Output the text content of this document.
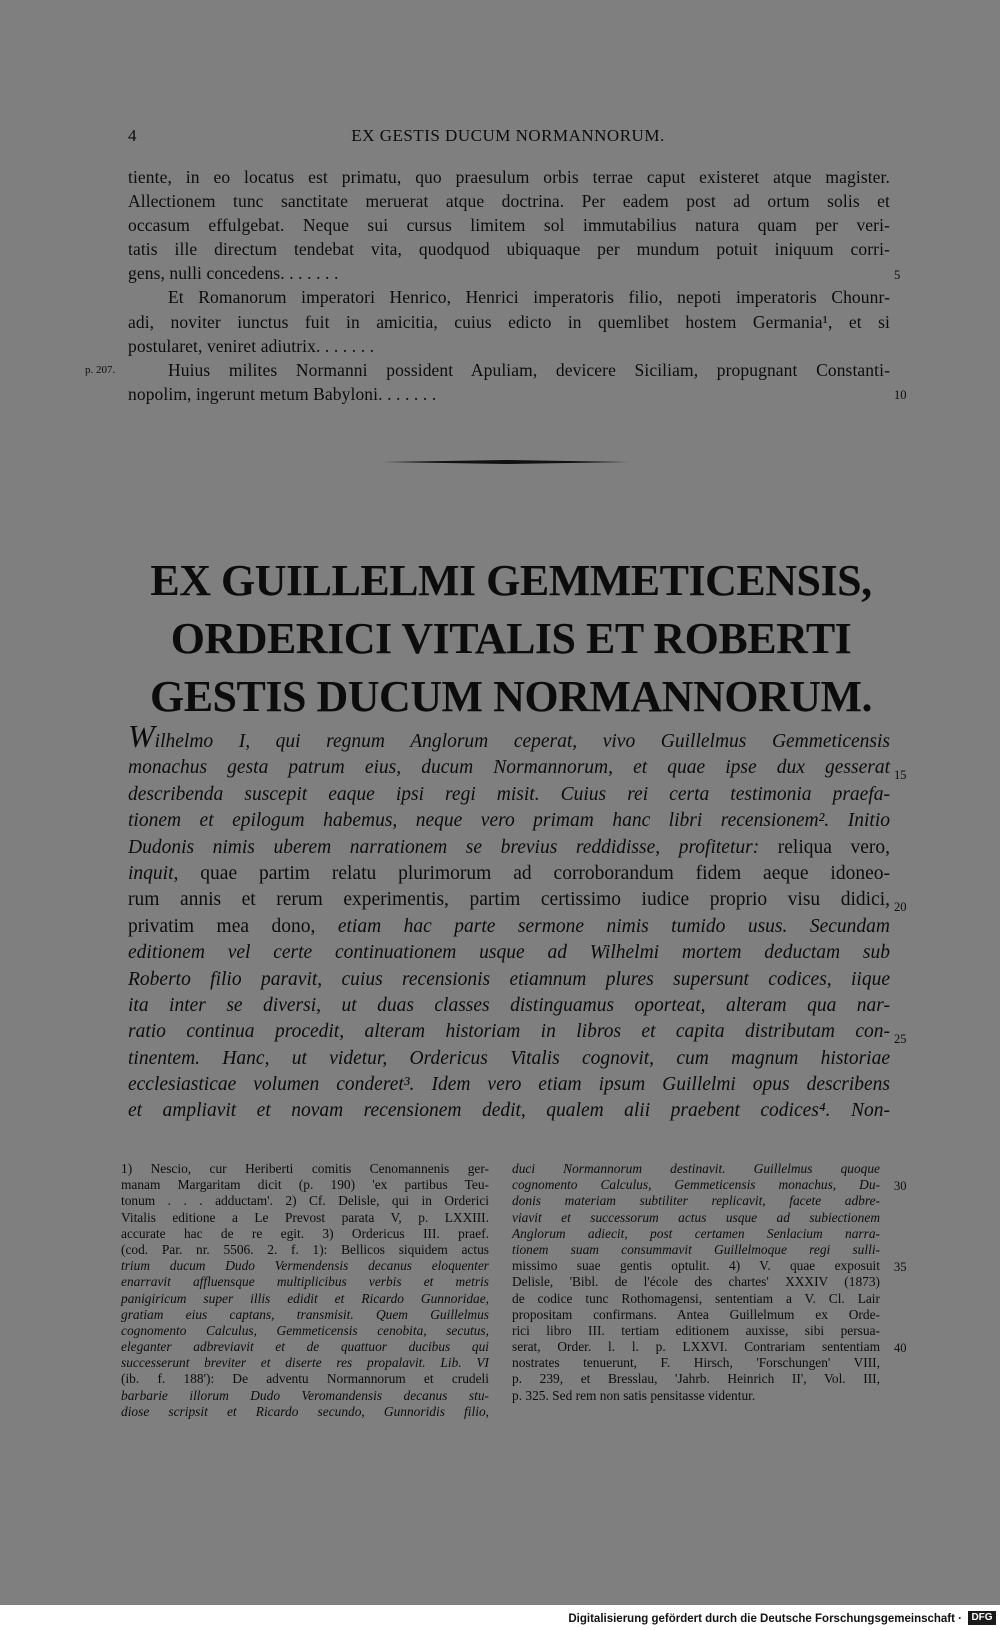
4	EX GESTIS DUCUM NORMANNORUM.
tiente, in eo locatus est primatu, quo praesulum orbis terrae caput existeret atque magister.
Allectionem tunc sanctitate meruerat atque doctrina. Per eadem post ad ortum solis et
occasum effulgebat. Neque sui cursus limitem sol immutabilius natura quam per veri-
tatis ille directum tendebat vita, quodquod ubiquaque per mundum potuit iniquum corri-
gens, nulli concedens. . . . . . .
Et Romanorum imperatori Henrico, Henrici imperatoris filio, nepoti imperatoris Chounr-
adi, noviter iunctus fuit in amicitia, cuius edicto in quemlibet hostem Germania¹, et si
postularet, veniret adiutrix. . . . . . .
Huius milites Normanni possident Apuliam, devicere Siciliam, propugnant Constanti-
nopolim, ingerunt metum Babyloni. . . . . . .
p. 207.
5
10
EX GUILLELMI GEMMETICENSIS,
ORDERICI VITALIS ET ROBERTI
GESTIS DUCUM NORMANNORUM.
Wilhelmo I, qui regnum Anglorum ceperat, vivo Guillelmus Gemmeticensis
monachus gesta patrum eius, ducum Normannorum, et quae ipse dux gesserat
describenda suscepit eaque ipsi regi misit. Cuius rei certa testimonia praefa-
tionem et epilogum habemus, neque vero primam hanc libri recensionem². Initio
Dudonis nimis uberem narrationem se brevius reddidisse, profitetur: reliqua vero,
inquit, quae partim relatu plurimorum ad corroborandum fidem aeque idoneo-
rum annis et rerum experimentis, partim certissimo iudice proprio visu didici,
privatim mea dono, etiam hac parte sermone nimis tumido usus. Secundam
editionem vel certe continuationem usque ad Wilhelmi mortem deductam sub
Roberto filio paravit, cuius recensionis etiamnum plures supersunt codices, iique
ita inter se diversi, ut duas classes distinguamus oporteat, alteram qua nar-
ratio continua procedit, alteram historiam in libros et capita distributam con-
tinentem. Hanc, ut videtur, Ordericus Vitalis cognovit, cum magnum historiae
ecclesiasticae volumen conderet³. Idem vero etiam ipsum Guillelmi opus describens
et ampliavit et novam recensionem dedit, qualem alii praebent codices⁴. Non-
15
20
25
1) Nescio, cur Heriberti comitis Cenomannenis ger-
manam Margaritam dicit (p. 190) 'ex partibus Teu-
tonum . . . adductam'. 2) Cf. Delisle, qui in Orderici
Vitalis editione a Le Prevost parata V, p. LXXIII.
accurate hac de re egit. 3) Ordericus III. praef.
(cod. Par. nr. 5506. 2. f. 1): Bellicos siquidem actus
trium ducum Dudo Vermendensis decanus eloquenter
enarravit affluensque multiplicibus verbis et metris
panigiricum super illis edidit et Ricardo Gunnoridae,
gratiam eius captans, transmisit. Quem Guillelmus
cognomento Calculus, Gemmeticensis cenobita, secutus,
eleganter adbreviavit et de quattuor ducibus qui
successerunt breviter et diserte res propalavit. Lib. VI
(ib. f. 188'): De adventu Normannorum et crudeli
barbarie illorum Dudo Veromandensis decanus stu-
diose scripsit et Ricardo secundo, Gunnoridis filio,
duci Normannorum destinavit. Guillelmus quoque
cognomento Calculus, Gemmeticensis monachus, Du-
donis materiam subtiliter replicavit, facete adbre-
viavit et successorum actus usque ad subiectionem
Anglorum adiecit, post certamen Senlacium narra-
tionem suam consummavit Guillelmoque regi sulli-
missimo suae gentis optulit. 4) V. quae exposuit
Delisle, 'Bibl. de l'école des chartes' XXXIV (1873)
de codice tunc Rothomagensi, sententiam a V. Cl. Lair
propositam confirmans. Antea Guillelmum ex Orde-
rici libro III. tertiam editionem auxisse, sibi persua-
serat, Order. l. l. p. LXXVI. Contrariam sententiam
nostrates tenuerunt, F. Hirsch, 'Forschungen' VIII,
p. 239, et Bresslau, 'Jahrb. Heinrich II', Vol. III,
p. 325. Sed rem non satis pensitasse videntur.
30
35
40
Digitalisierung gefördert durch die Deutsche Forschungsgemeinschaft · DFG
